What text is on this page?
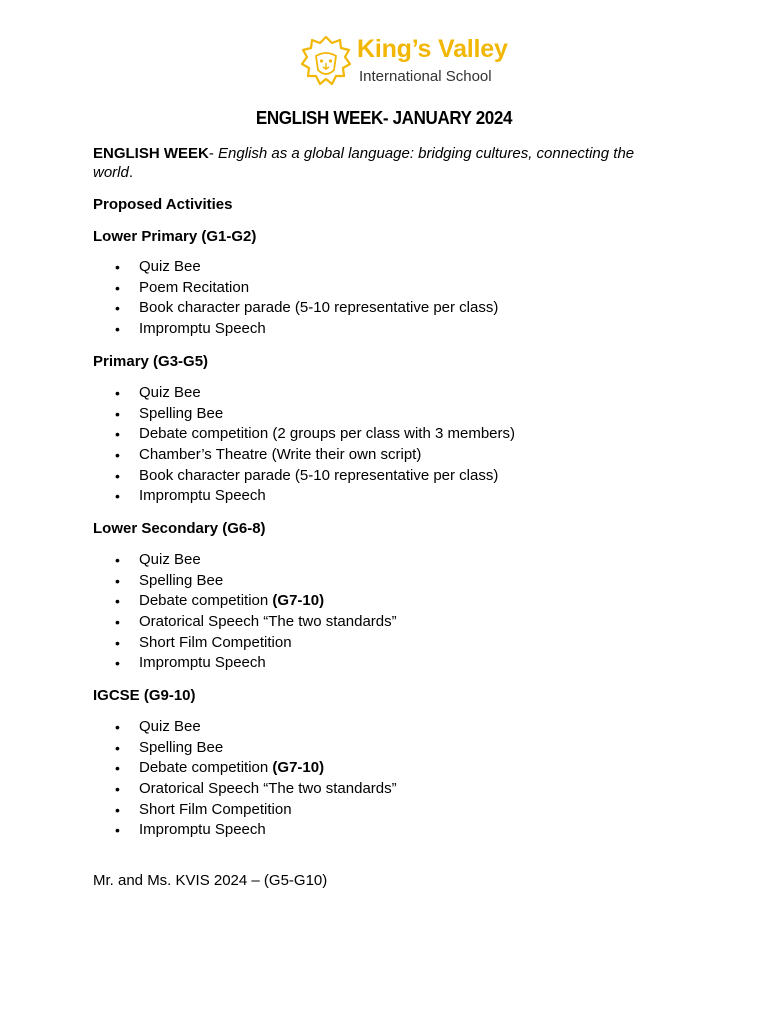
King’s Valley
International School
ENGLISH WEEK- JANUARY 2024
ENGLISH WEEK- English as a global language: bridging cultures, connecting the world.
Proposed Activities
Lower Primary (G1-G2)
• Quiz Bee
• Poem Recitation
• Book character parade (5-10 representative per class)
• Impromptu Speech
Primary (G3-G5)
• Quiz Bee
• Spelling Bee
• Debate competition (2 groups per class with 3 members)
• Chamber’s Theatre (Write their own script)
• Book character parade (5-10 representative per class)
• Impromptu Speech
Lower Secondary (G6-8)
• Quiz Bee
• Spelling Bee
• Debate competition (G7-10)
• Oratorical Speech “The two standards”
• Short Film Competition
• Impromptu Speech
IGCSE (G9-10)
• Quiz Bee
• Spelling Bee
• Debate competition (G7-10)
• Oratorical Speech “The two standards”
• Short Film Competition
• Impromptu Speech
Mr. and Ms. KVIS 2024 – (G5-G10)
